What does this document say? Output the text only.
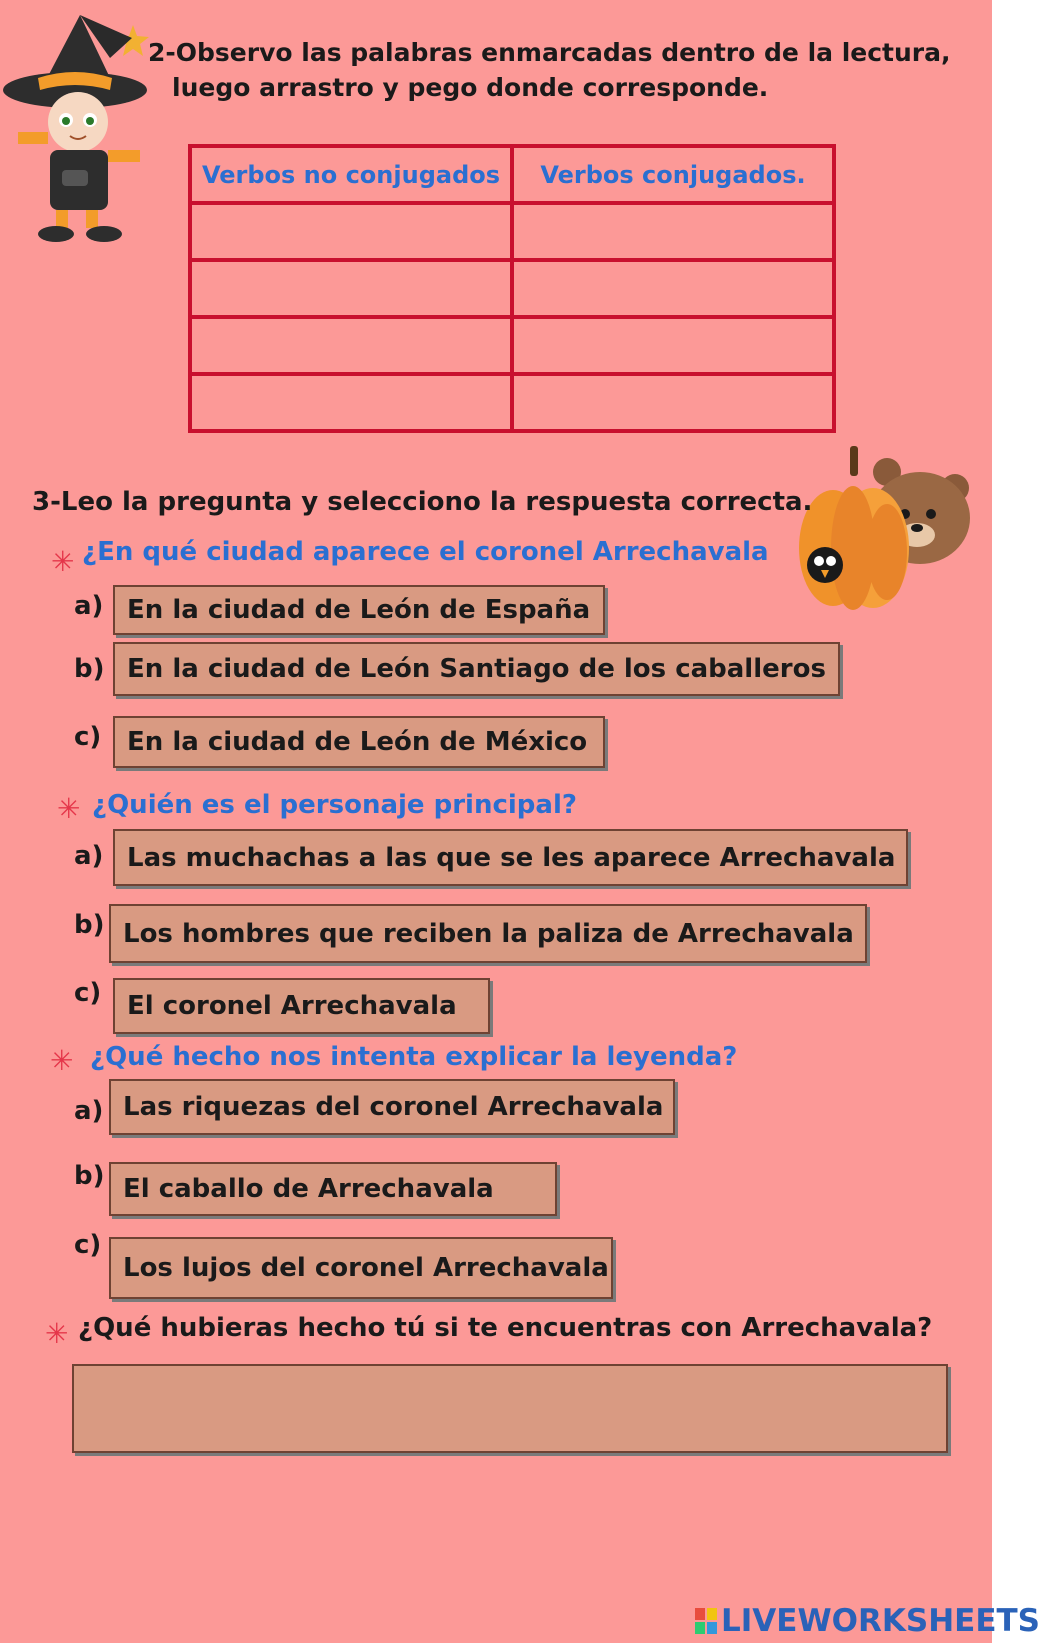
2-Observo las palabras enmarcadas dentro de la lectura,
luego arrastro y pego donde corresponde.
Verbos no conjugados	Verbos conjugados.

3-Leo la pregunta y selecciono la respuesta correcta.
✳ ¿En qué ciudad aparece el coronel Arrechavala
a) En la ciudad de León de España
b) En la ciudad de León Santiago de los caballeros
c) En la ciudad de León de México
✳ ¿Quién es el personaje principal?
a) Las muchachas a las que se les aparece Arrechavala
b) Los hombres que reciben la paliza de Arrechavala
c) El coronel Arrechavala
✳ ¿Qué hecho nos intenta explicar la leyenda?
a) Las riquezas del coronel Arrechavala
b) El caballo de Arrechavala
c)
Los lujos del coronel Arrechavala
✳ ¿Qué hubieras hecho tú si te encuentras con Arrechavala?
LIVEWORKSHEETS
